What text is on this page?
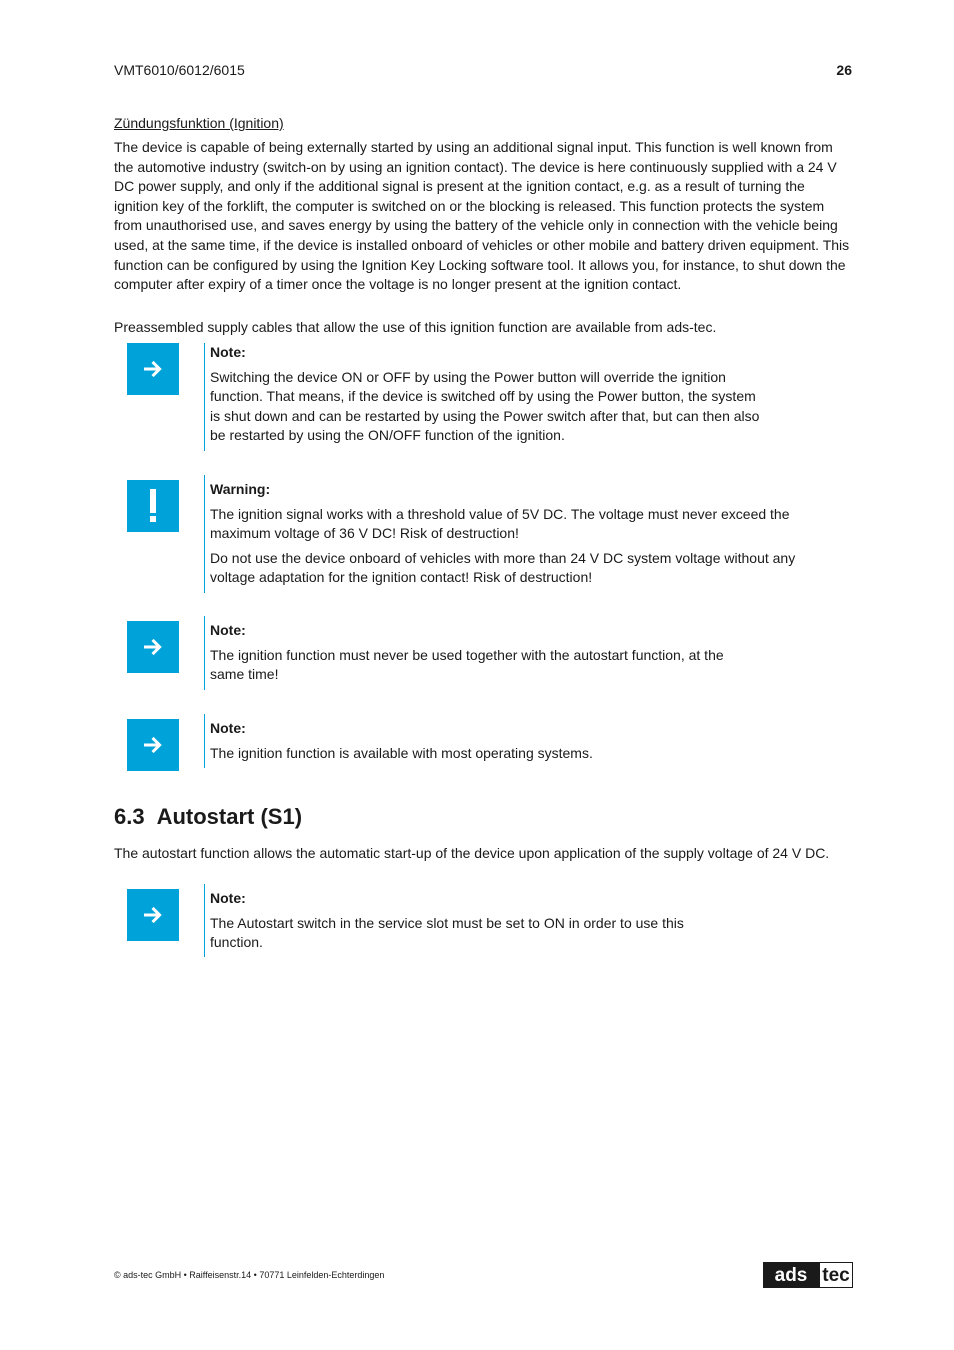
VMT6010/6012/6015	26
Zündungsfunktion (Ignition)
The device is capable of being externally started by using an additional signal input. This function is well known from the automotive industry (switch-on by using an ignition contact). The device is here continuously supplied with a 24 V DC power supply, and only if the additional signal is present at the ignition contact, e.g. as a result of turning the ignition key of the forklift, the computer is switched on or the blocking is released. This function protects the system from unauthorised use, and saves energy by using the battery of the vehicle only in connection with the vehicle being used, at the same time, if the device is installed onboard of vehicles or other mobile and battery driven equipment. This function can be configured by using the Ignition Key Locking software tool. It allows you, for instance, to shut down the computer after expiry of a timer once the voltage is no longer present at the ignition contact.
Preassembled supply cables that allow the use of this ignition function are available from ads-tec.
Note:
Switching the device ON or OFF by using the Power button will override the ignition function. That means, if the device is switched off by using the Power button, the system is shut down and can be restarted by using the Power switch after that, but can then also be restarted by using the ON/OFF function of the ignition.
Warning:
The ignition signal works with a threshold value of 5V DC. The voltage must never exceed the maximum voltage of 36 V DC! Risk of destruction!
Do not use the device onboard of vehicles with more than 24 V DC system voltage without any voltage adaptation for the ignition contact! Risk of destruction!
Note:
The ignition function must never be used together with the autostart function, at the same time!
Note:
The ignition function is available with most operating systems.
6.3 Autostart (S1)
The autostart function allows the automatic start-up of the device upon application of the supply voltage of 24 V DC.
Note:
The Autostart switch in the service slot must be set to ON in order to use this function.
© ads-tec GmbH • Raiffeisenstr.14 • 70771 Leinfelden-Echterdingen	ads tec
